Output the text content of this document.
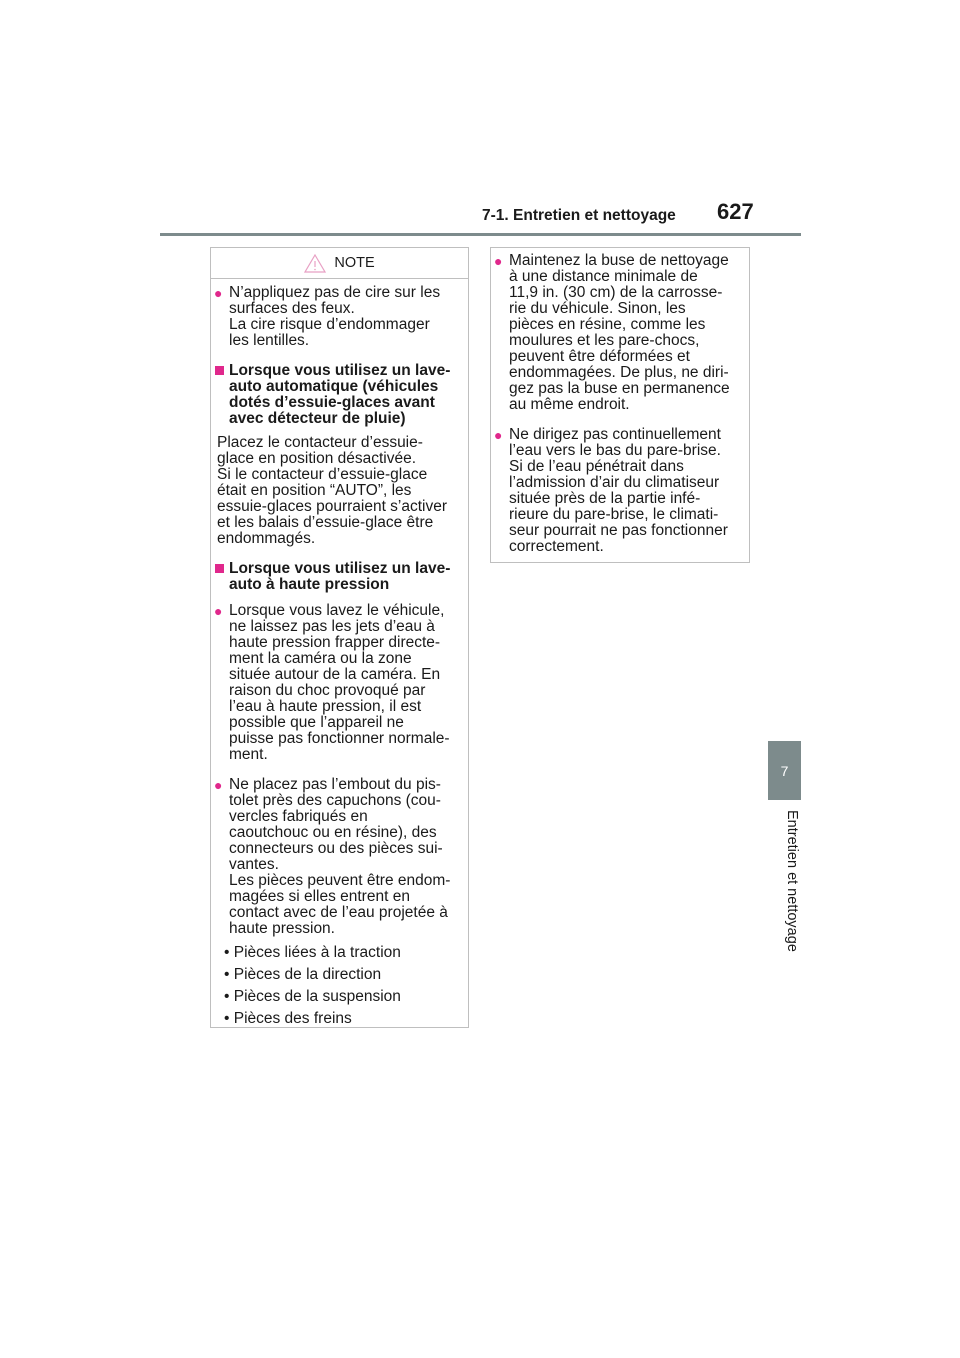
7-1. Entretien et nettoyage 627
7
Entretien et nettoyage
NOTE
● N’appliquez pas de cire sur les
surfaces des feux.
La cire risque d’endommager
les lentilles.
Lorsque vous utilisez un lave-
auto automatique (véhicules
dotés d’essuie-glaces avant
avec détecteur de pluie)
Placez le contacteur d’essuie-
glace en position désactivée.
Si le contacteur d’essuie-glace
était en position “AUTO”, les
essuie-glaces pourraient s’activer
et les balais d’essuie-glace être
endommagés.
Lorsque vous utilisez un lave-
auto à haute pression
● Lorsque vous lavez le véhicule,
ne laissez pas les jets d’eau à
haute pression frapper directe-
ment la caméra ou la zone
située autour de la caméra. En
raison du choc provoqué par
l’eau à haute pression, il est
possible que l’appareil ne
puisse pas fonctionner normale-
ment.
● Ne placez pas l’embout du pis-
tolet près des capuchons (cou-
vercles fabriqués en
caoutchouc ou en résine), des
connecteurs ou des pièces sui-
vantes.
Les pièces peuvent être endom-
magées si elles entrent en
contact avec de l’eau projetée à
haute pression.
• Pièces liées à la traction
• Pièces de la direction
• Pièces de la suspension
• Pièces des freins
● Maintenez la buse de nettoyage
à une distance minimale de
11,9 in. (30 cm) de la carrosse-
rie du véhicule. Sinon, les
pièces en résine, comme les
moulures et les pare-chocs,
peuvent être déformées et
endommagées. De plus, ne diri-
gez pas la buse en permanence
au même endroit.
● Ne dirigez pas continuellement
l’eau vers le bas du pare-brise.
Si de l’eau pénétrait dans
l’admission d’air du climatiseur
située près de la partie infé-
rieure du pare-brise, le climati-
seur pourrait ne pas fonctionner
correctement.
